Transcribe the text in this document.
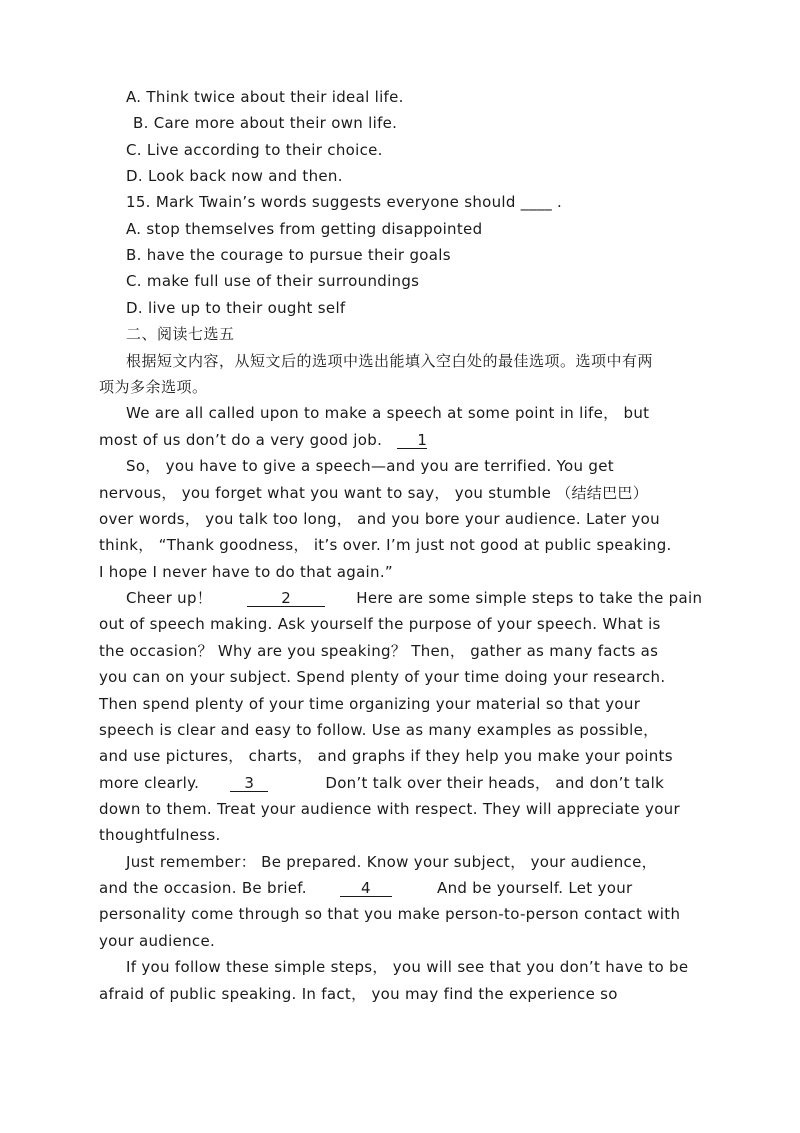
A. Think twice about their ideal life.
B. Care more about their own life.
C. Live according to their choice.
D. Look back now and then.
15. Mark Twain’s words suggests everyone should ____ .
A. stop themselves from getting disappointed
B. have the courage to pursue their goals
C. make full use of their surroundings
D. live up to their ought self
二、阅读七选五
根据短文内容，从短文后的选项中选出能填入空白处的最佳选项。选项中有两
项为多余选项。
We are all called upon to make a speech at some point in life， but
most of us don’t do a very good job. 1
So， you have to give a speech—and you are terrified. You get
nervous， you forget what you want to say， you stumble （结结巴巴）
over words， you talk too long， and you bore your audience. Later you
think， “Thank goodness， it’s over. I’m just not good at public speaking.
I hope I never have to do that again.”
Cheer up！	2	Here are some simple steps to take the pain
out of speech making. Ask yourself the purpose of your speech. What is
the occasion？ Why are you speaking？ Then， gather as many facts as
you can on your subject. Spend plenty of your time doing your research.
Then spend plenty of your time organizing your material so that your
speech is clear and easy to follow. Use as many examples as possible，
and use pictures， charts， and graphs if they help you make your points
more clearly.	3	Don’t talk over their heads， and don’t talk
down to them. Treat your audience with respect. They will appreciate your
thoughtfulness.
Just remember： Be prepared. Know your subject， your audience，
and the occasion. Be brief.	4	And be yourself. Let your
personality come through so that you make person-to-person contact with
your audience.
If you follow these simple steps， you will see that you don’t have to be
afraid of public speaking. In fact， you may find the experience so
